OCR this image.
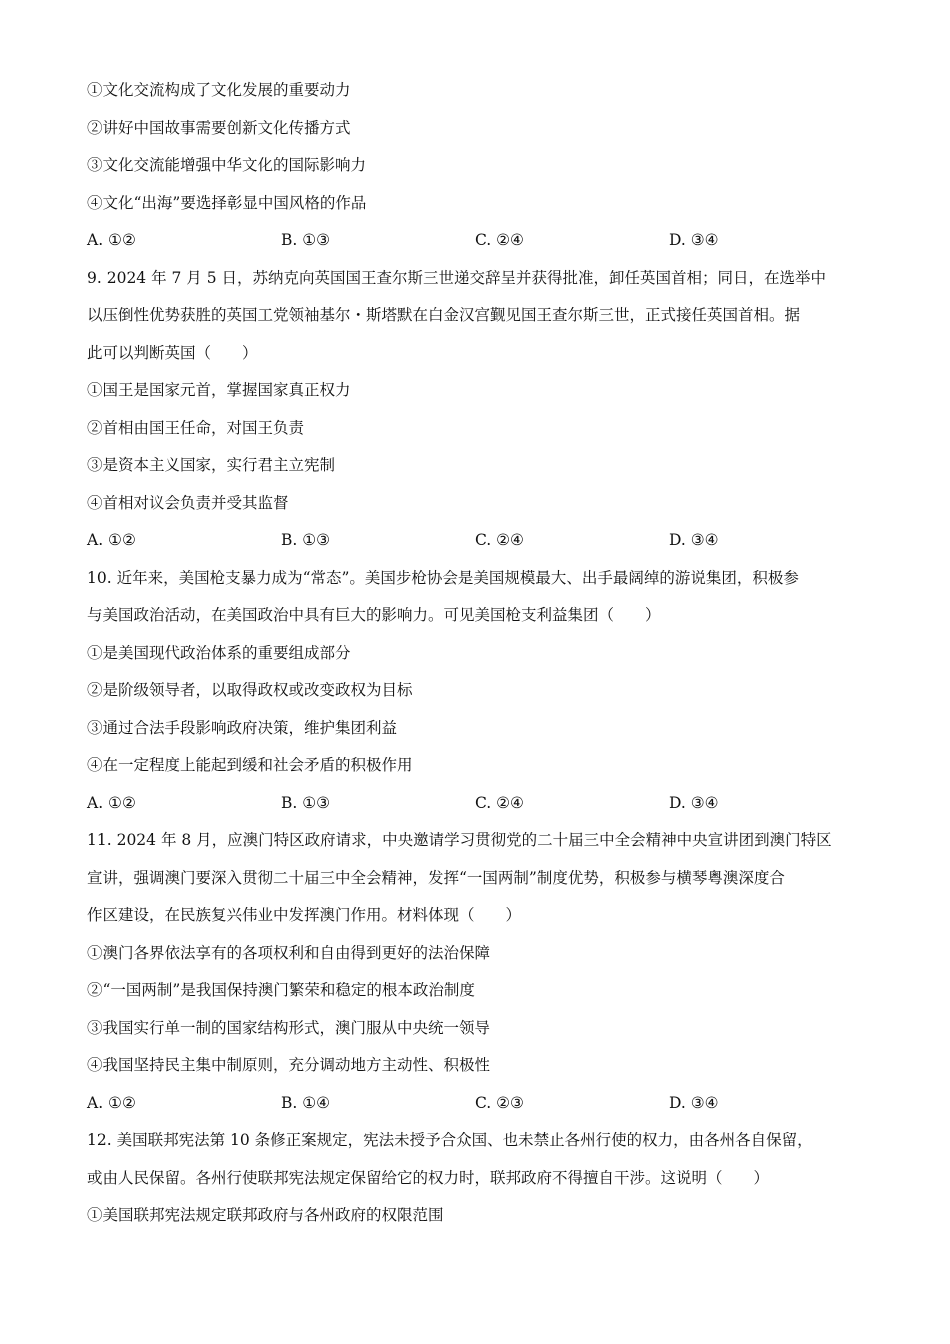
①文化交流构成了文化发展的重要动力
②讲好中国故事需要创新文化传播方式
③文化交流能增强中华文化的国际影响力
④文化“出海”要选择彰显中国风格的作品
A. ①②	B. ①③	C. ②④	D. ③④
9. 2024 年 7 月 5 日，苏纳克向英国国王查尔斯三世递交辞呈并获得批准，卸任英国首相；同日，在选举中
以压倒性优势获胜的英国工党领袖基尔・斯塔默在白金汉宫觐见国王查尔斯三世，正式接任英国首相。据
此可以判断英国（　　）
①国王是国家元首，掌握国家真正权力
②首相由国王任命，对国王负责
③是资本主义国家，实行君主立宪制
④首相对议会负责并受其监督
A. ①②	B. ①③	C. ②④	D. ③④
10. 近年来，美国枪支暴力成为“常态”。美国步枪协会是美国规模最大、出手最阔绰的游说集团，积极参
与美国政治活动，在美国政治中具有巨大的影响力。可见美国枪支利益集团（　　）
①是美国现代政治体系的重要组成部分
②是阶级领导者，以取得政权或改变政权为目标
③通过合法手段影响政府决策，维护集团利益
④在一定程度上能起到缓和社会矛盾的积极作用
A. ①②	B. ①③	C. ②④	D. ③④
11. 2024 年 8 月，应澳门特区政府请求，中央邀请学习贯彻党的二十届三中全会精神中央宣讲团到澳门特区
宣讲，强调澳门要深入贯彻二十届三中全会精神，发挥“一国两制”制度优势，积极参与横琴粤澳深度合
作区建设，在民族复兴伟业中发挥澳门作用。材料体现（　　）
①澳门各界依法享有的各项权利和自由得到更好的法治保障
②“一国两制”是我国保持澳门繁荣和稳定的根本政治制度
③我国实行单一制的国家结构形式，澳门服从中央统一领导
④我国坚持民主集中制原则，充分调动地方主动性、积极性
A. ①②	B. ①④	C. ②③	D. ③④
12. 美国联邦宪法第 10 条修正案规定，宪法未授予合众国、也未禁止各州行使的权力，由各州各自保留，
或由人民保留。各州行使联邦宪法规定保留给它的权力时，联邦政府不得擅自干涉。这说明（　　）
①美国联邦宪法规定联邦政府与各州政府的权限范围
